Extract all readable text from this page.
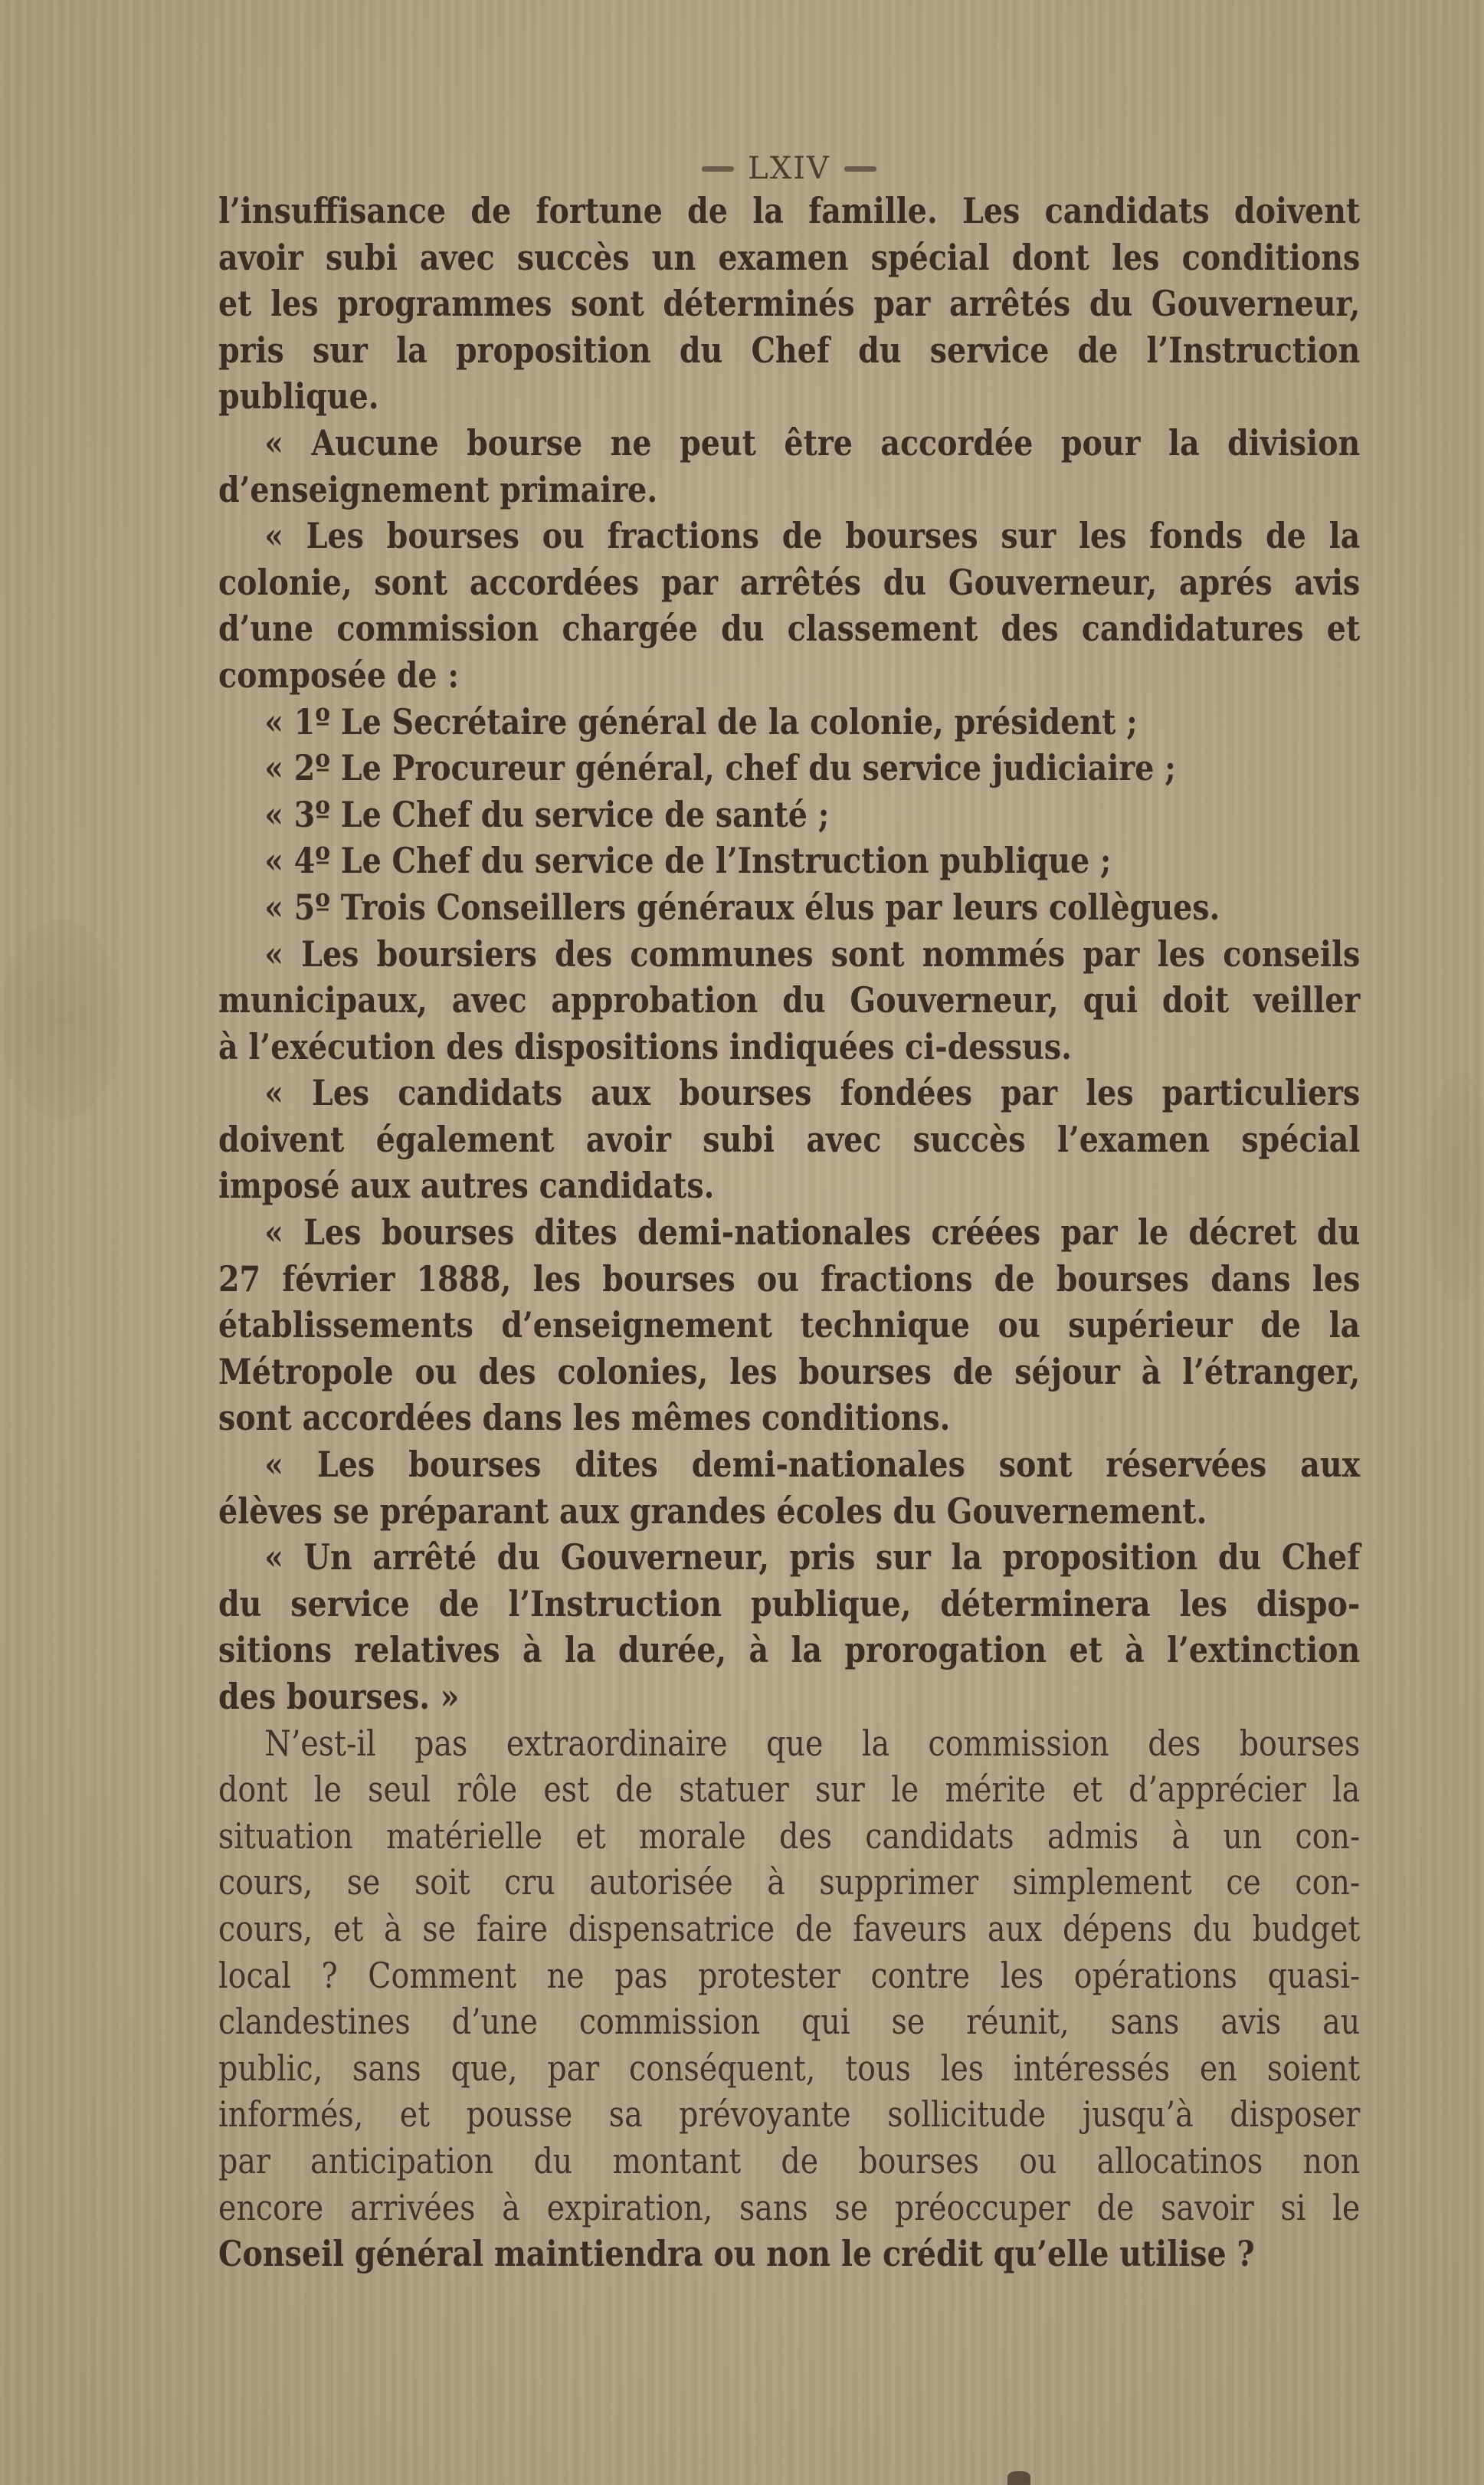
LXIV
l’insuffisance de fortune de la famille. Les candidats doivent
avoir subi avec succès un examen spécial dont les conditions
et les programmes sont déterminés par arrêtés du Gouverneur,
pris sur la proposition du Chef du service de l’Instruction
publique.
« Aucune bourse ne peut être accordée pour la division
d’enseignement primaire.
« Les bourses ou fractions de bourses sur les fonds de la
colonie, sont accordées par arrêtés du Gouverneur, aprés avis
d’une commission chargée du classement des candidatures et
composée de :
« 1º Le Secrétaire général de la colonie, président ;
« 2º Le Procureur général, chef du service judiciaire ;
« 3º Le Chef du service de santé ;
« 4º Le Chef du service de l’Instruction publique ;
« 5º Trois Conseillers généraux élus par leurs collègues.
« Les boursiers des communes sont nommés par les conseils
municipaux, avec approbation du Gouverneur, qui doit veiller
à l’exécution des dispositions indiquées ci-dessus.
« Les candidats aux bourses fondées par les particuliers
doivent également avoir subi avec succès l’examen spécial
imposé aux autres candidats.
« Les bourses dites demi-nationales créées par le décret du
27 février 1888, les bourses ou fractions de bourses dans les
établissements d’enseignement technique ou supérieur de la
Métropole ou des colonies, les bourses de séjour à l’étranger,
sont accordées dans les mêmes conditions.
« Les bourses dites demi-nationales sont réservées aux
élèves se préparant aux grandes écoles du Gouvernement.
« Un arrêté du Gouverneur, pris sur la proposition du Chef
du service de l’Instruction publique, déterminera les dispo-
sitions relatives à la durée, à la prorogation et à l’extinction
des bourses. »
N’est-il pas extraordinaire que la commission des bourses
dont le seul rôle est de statuer sur le mérite et d’apprécier la
situation matérielle et morale des candidats admis à un con-
cours, se soit cru autorisée à supprimer simplement ce con-
cours, et à se faire dispensatrice de faveurs aux dépens du budget
local ? Comment ne pas protester contre les opérations quasi-
clandestines d’une commission qui se réunit, sans avis au
public, sans que, par conséquent, tous les intéressés en soient
informés, et pousse sa prévoyante sollicitude jusqu’à disposer
par anticipation du montant de bourses ou allocatinos non
encore arrivées à expiration, sans se préoccuper de savoir si le
Conseil général maintiendra ou non le crédit qu’elle utilise ?
